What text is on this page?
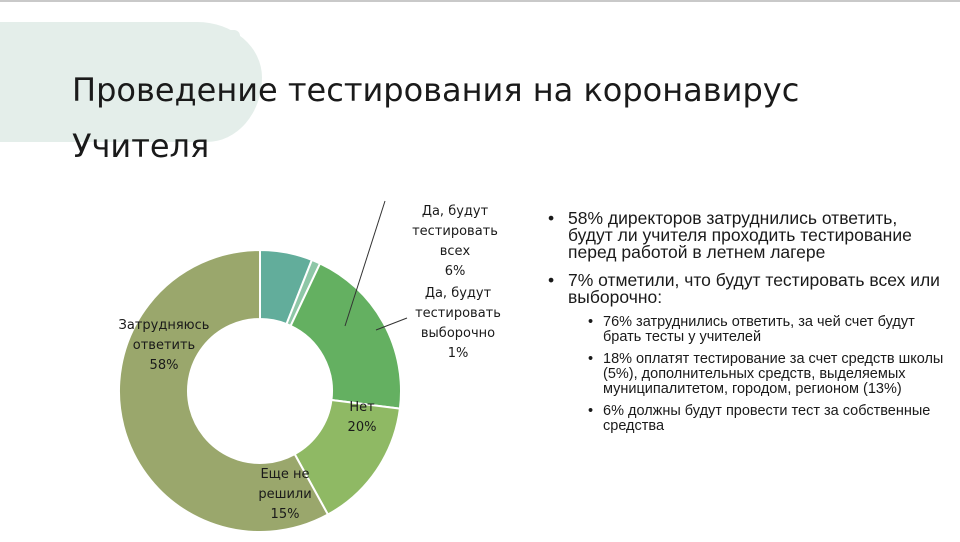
Проведение тестирования на коронавирус
Учителя
Да, будут тестировать всех 6%
Да, будут тестировать выборочно 1%
Нет 20%
Еще не решили 15%
Затрудняюсь ответить 58%
• 58% директоров затруднились ответить, будут ли учителя проходить тестирование перед работой в летнем лагере
• 7% отметили, что будут тестировать всех или выборочно:
• 76% затруднились ответить, за чей счет будут брать тесты у учителей
• 18% оплатят тестирование за счет средств школы (5%), дополнительных средств, выделяемых муниципалитетом, городом, регионом (13%)
• 6% должны будут провести тест за собственные средства
